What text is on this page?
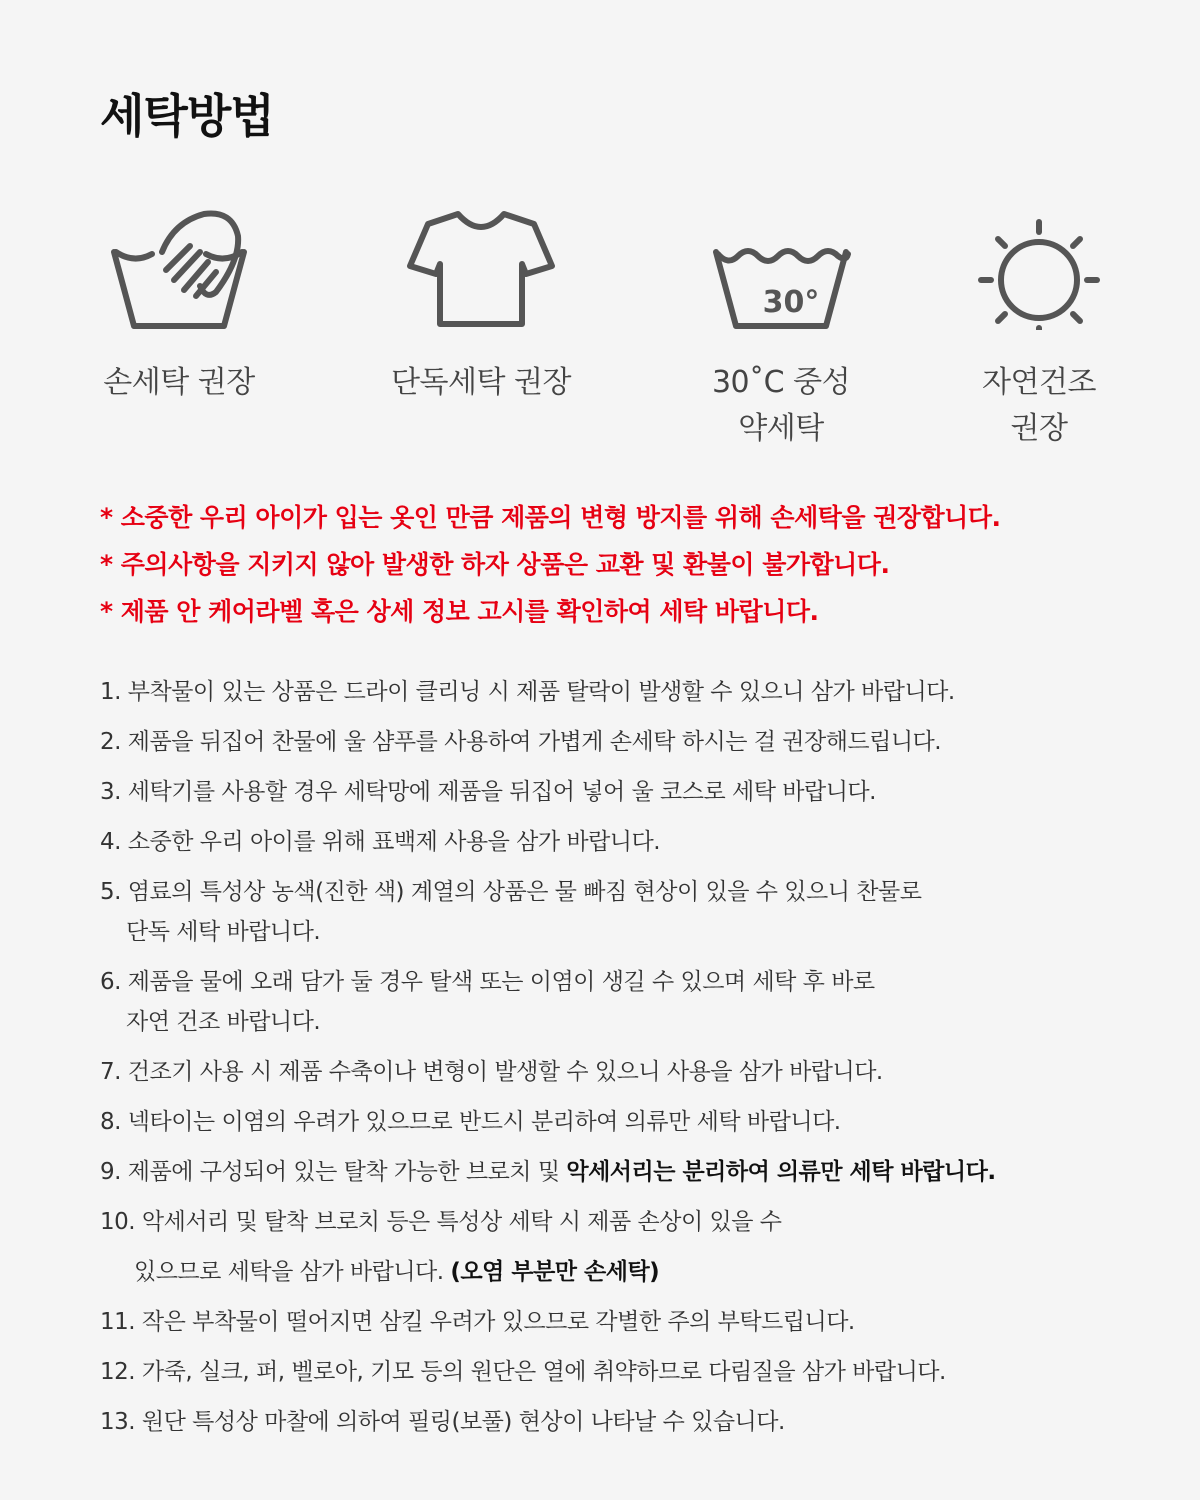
세탁방법
손세탁 권장	단독세탁 권장
30°
30˚C 중성
약세탁
자연건조
권장
* 소중한 우리 아이가 입는 옷인 만큼 제품의 변형 방지를 위해 손세탁을 권장합니다.
* 주의사항을 지키지 않아 발생한 하자 상품은 교환 및 환불이 불가합니다.
* 제품 안 케어라벨 혹은 상세 정보 고시를 확인하여 세탁 바랍니다.
1. 부착물이 있는 상품은 드라이 클리닝 시 제품 탈락이 발생할 수 있으니 삼가 바랍니다.
2. 제품을 뒤집어 찬물에 울 샴푸를 사용하여 가볍게 손세탁 하시는 걸 권장해드립니다.
3. 세탁기를 사용할 경우 세탁망에 제품을 뒤집어 넣어 울 코스로 세탁 바랍니다.
4. 소중한 우리 아이를 위해 표백제 사용을 삼가 바랍니다.
5. 염료의 특성상 농색(진한 색) 계열의 상품은 물 빠짐 현상이 있을 수 있으니 찬물로
단독 세탁 바랍니다.
6. 제품을 물에 오래 담가 둘 경우 탈색 또는 이염이 생길 수 있으며 세탁 후 바로
자연 건조 바랍니다.
7. 건조기 사용 시 제품 수축이나 변형이 발생할 수 있으니 사용을 삼가 바랍니다.
8. 넥타이는 이염의 우려가 있으므로 반드시 분리하여 의류만 세탁 바랍니다.
9. 제품에 구성되어 있는 탈착 가능한 브로치 및 악세서리는 분리하여 의류만 세탁 바랍니다.
10. 악세서리 및 탈착 브로치 등은 특성상 세탁 시 제품 손상이 있을 수
있으므로 세탁을 삼가 바랍니다. (오염 부분만 손세탁)
11. 작은 부착물이 떨어지면 삼킬 우려가 있으므로 각별한 주의 부탁드립니다.
12. 가죽, 실크, 퍼, 벨로아, 기모 등의 원단은 열에 취약하므로 다림질을 삼가 바랍니다.
13. 원단 특성상 마찰에 의하여 필링(보풀) 현상이 나타날 수 있습니다.
